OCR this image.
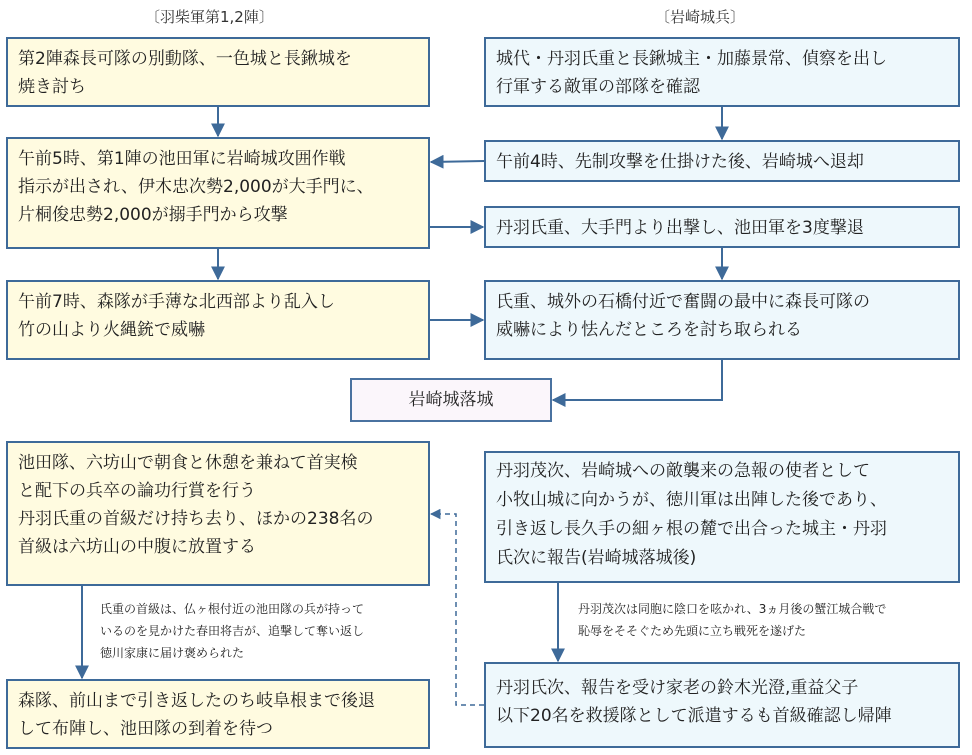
〔羽柴軍第1,2陣〕	〔岩崎城兵〕
第2陣森長可隊の別動隊、一色城と長鍬城を
焼き討ち
午前5時、第1陣の池田軍に岩崎城攻囲作戦
指示が出され、伊木忠次勢2,000が大手門に、
片桐俊忠勢2,000が搦手門から攻撃
午前7時、森隊が手薄な北西部より乱入し
竹の山より火縄銃で威嚇
池田隊、六坊山で朝食と休憩を兼ねて首実検
と配下の兵卒の論功行賞を行う
丹羽氏重の首級だけ持ち去り、ほかの238名の
首級は六坊山の中腹に放置する
森隊、前山まで引き返したのち岐阜根まで後退
して布陣し、池田隊の到着を待つ
城代・丹羽氏重と長鍬城主・加藤景常、偵察を出し
行軍する敵軍の部隊を確認
午前4時、先制攻撃を仕掛けた後、岩崎城へ退却
丹羽氏重、大手門より出撃し、池田軍を3度撃退
氏重、城外の石橋付近で奮闘の最中に森長可隊の
威嚇により怯んだところを討ち取られる
丹羽茂次、岩崎城への敵襲来の急報の使者として
小牧山城に向かうが、徳川軍は出陣した後であり、
引き返し長久手の細ヶ根の麓で出合った城主・丹羽
氏次に報告(岩崎城落城後)
丹羽氏次、報告を受け家老の鈴木光澄,重益父子
以下20名を救援隊として派遣するも首級確認し帰陣
岩崎城落城
氏重の首級は、仏ヶ根付近の池田隊の兵が持って
いるのを見かけた春田将吉が、追撃して奪い返し
徳川家康に届け褒められた
丹羽茂次は同胞に陰口を呟かれ、3ヵ月後の蟹江城合戦で
恥辱をそそぐため先頭に立ち戦死を遂げた
